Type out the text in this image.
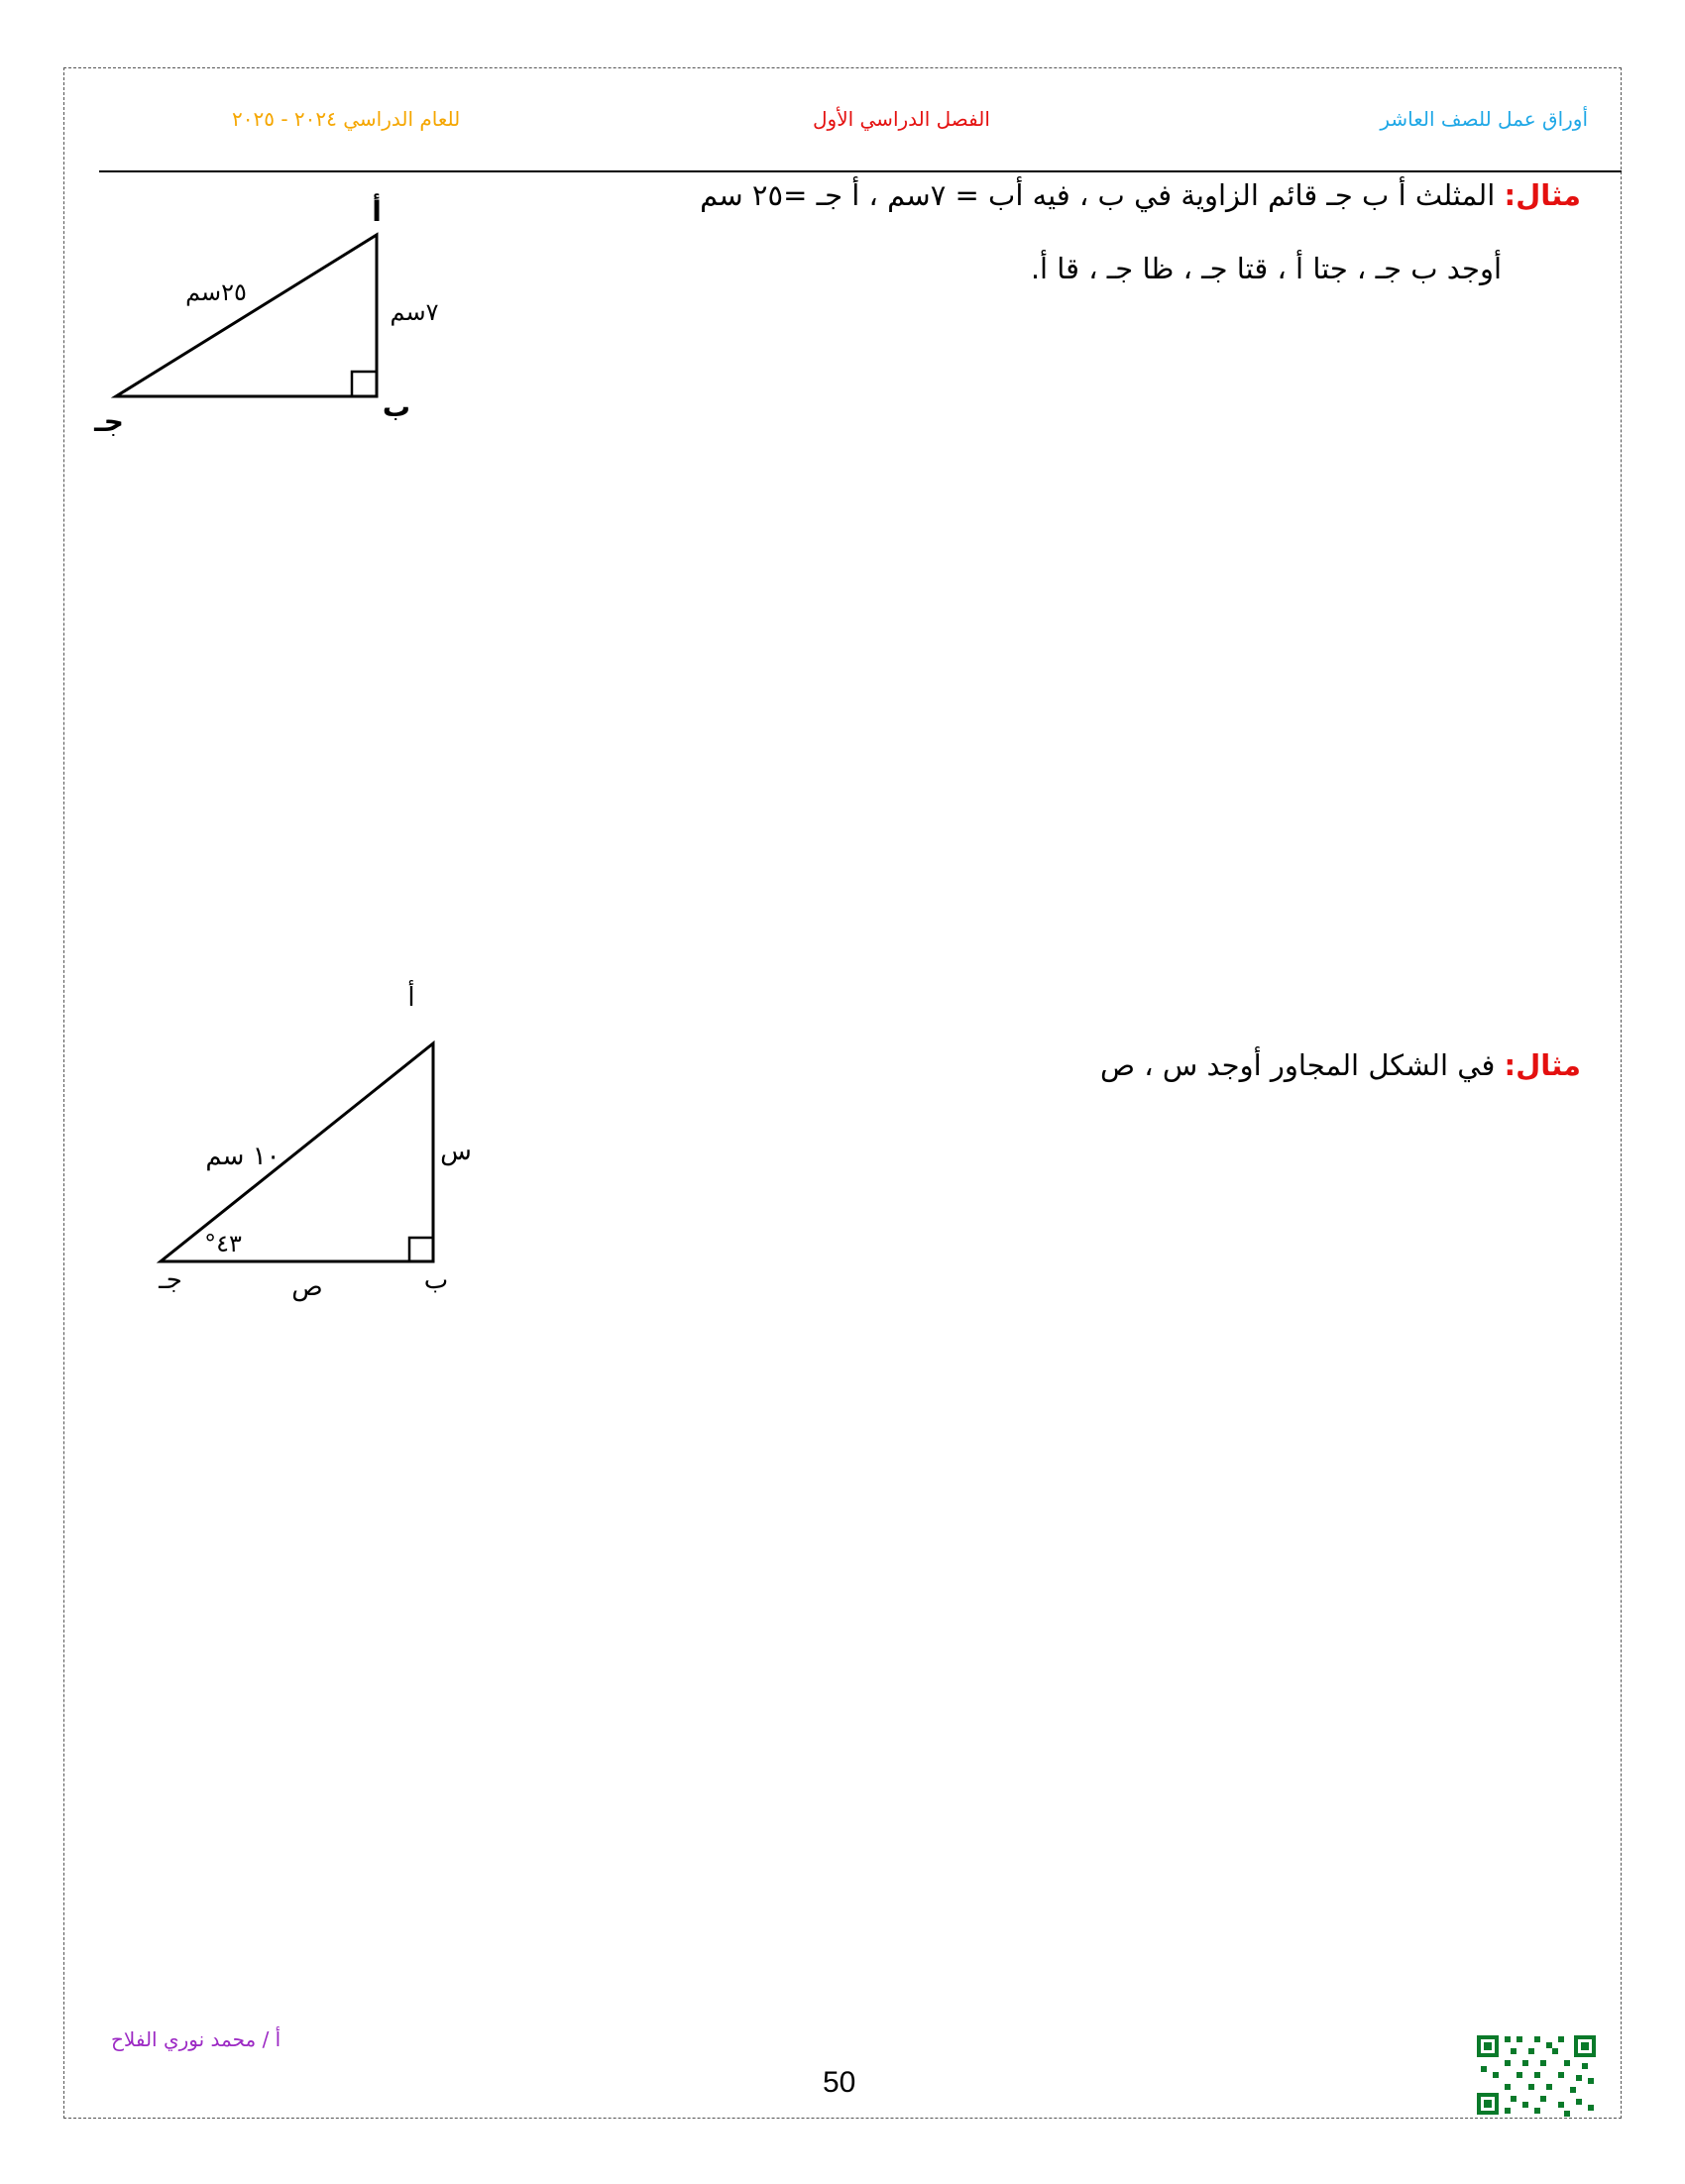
أوراق عمل للصف العاشر
الفصل الدراسي الأول
للعام الدراسي ٢٠٢٤ - ٢٠٢٥
مثال: المثلث أ ب جـ قائم الزاوية في ب ، فيه أب = ٧سم ، أ جـ =٢٥ سم
أوجد ب جـ ، جتا أ ، قتا جـ ، ظا جـ ، قا أ.
أ
ب
جـ
٧سم
٢٥سم
مثال: في الشكل المجاور أوجد س ، ص
أ
ب
جـ
١٠ سم	س
ص
٤٣°
أ / محمد نوري الفلاح
50
